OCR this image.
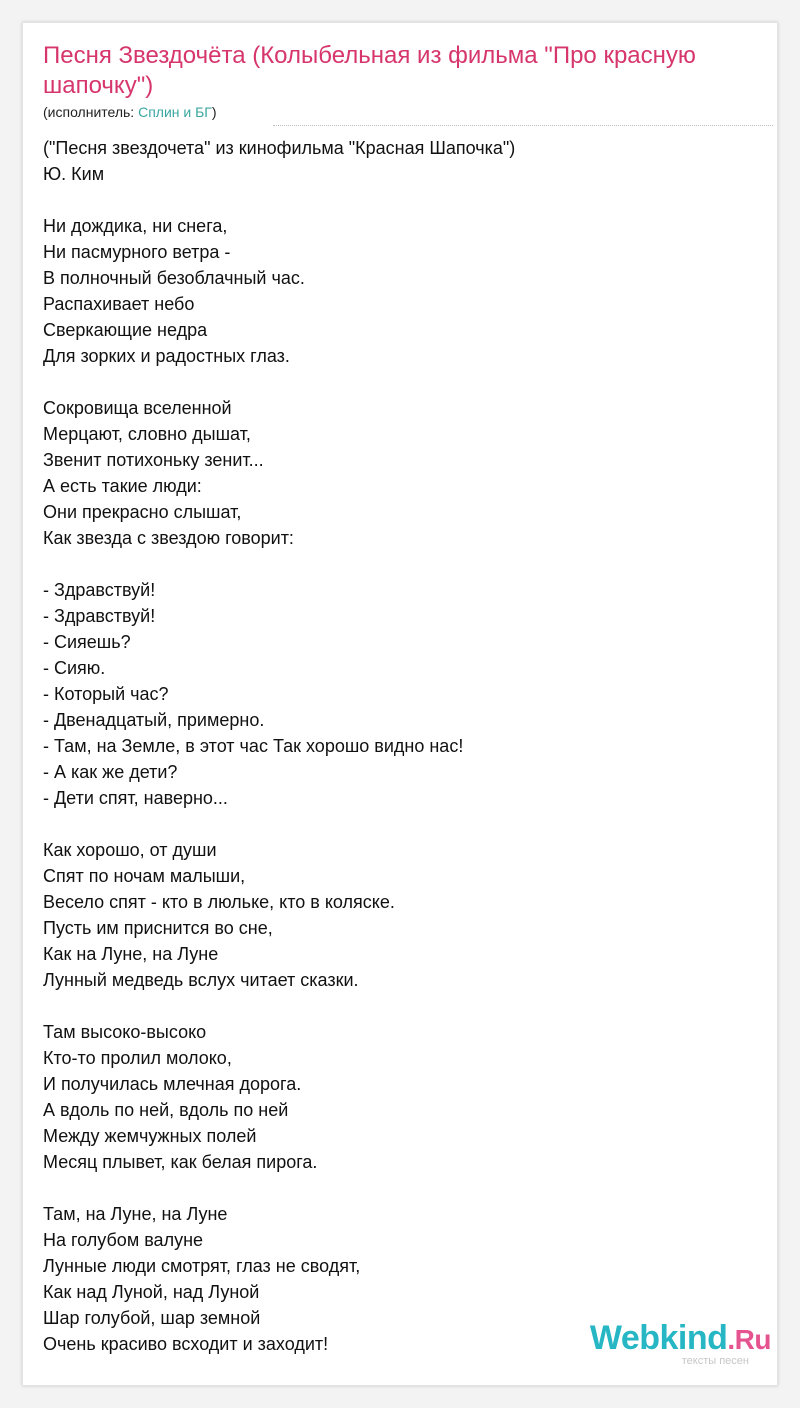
Песня Звездочёта (Колыбельная из фильма "Про красную шапочку")
(исполнитель: Сплин и БГ)
("Песня звездочета" из кинофильма "Красная Шапочка")
Ю. Ким
Ни дождика, ни снега,
Ни пасмурного ветра -
В полночный безоблачный час.
Распахивает небо
Сверкающие недра
Для зорких и радостных глаз.
Сокровища вселенной
Мерцают, словно дышат,
Звенит потихоньку зенит...
А есть такие люди:
Они прекрасно слышат,
Как звезда с звездою говорит:
- Здравствуй!
- Здравствуй!
- Сияешь?
- Сияю.
- Который час?
- Двенадцатый, примерно.
- Там, на Земле, в этот час Так хорошо видно нас!
- А как же дети?
- Дети спят, наверно...
Как хорошо, от души
Спят по ночам малыши,
Весело спят - кто в люльке, кто в коляске.
Пусть им приснится во сне,
Как на Луне, на Луне
Лунный медведь вслух читает сказки.
Там высоко-высоко
Кто-то пролил молоко,
И получилась млечная дорога.
А вдоль по ней, вдоль по ней
Между жемчужных полей
Месяц плывет, как белая пирога.
Там, на Луне, на Луне
На голубом валуне
Лунные люди смотрят, глаз не сводят,
Как над Луной, над Луной
Шар голубой, шар земной
Очень красиво всходит и заходит!	Webkind.Ru
тексты песен
